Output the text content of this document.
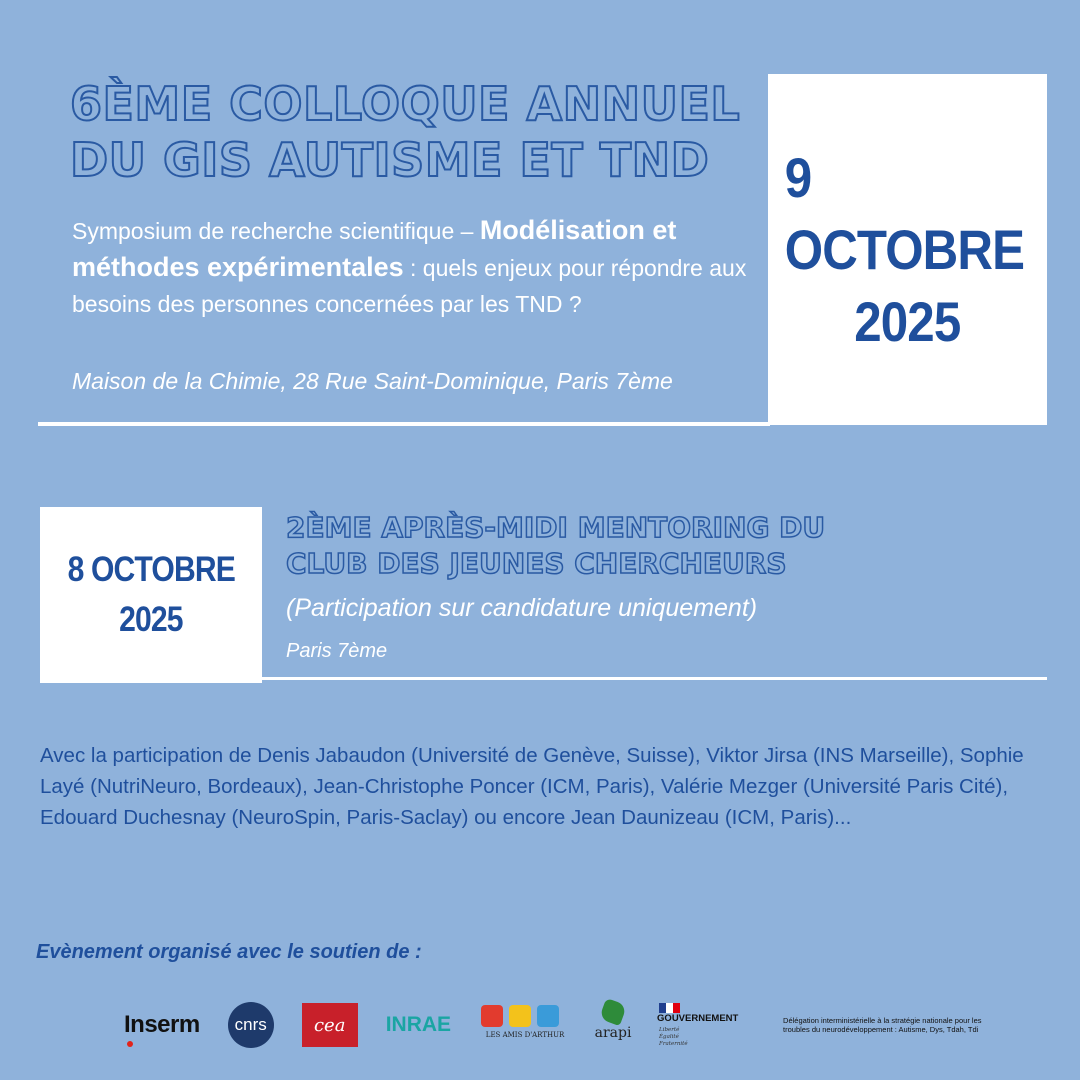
6ÈME COLLOQUE ANNUEL
DU GIS AUTISME ET TND
Symposium de recherche scientifique – Modélisation et méthodes expérimentales : quels enjeux pour répondre aux besoins des personnes concernées par les TND ?
Maison de la Chimie, 28 Rue Saint-Dominique, Paris 7ème
9 OCTOBRE
2025
8 OCTOBRE
2025
2ÈME APRÈS-MIDI MENTORING DU
CLUB DES JEUNES CHERCHEURS
(Participation sur candidature uniquement)
Paris 7ème
Avec la participation de Denis Jabaudon (Université de Genève, Suisse), Viktor Jirsa (INS Marseille), Sophie Layé (NutriNeuro, Bordeaux), Jean-Christophe Poncer (ICM, Paris), Valérie Mezger (Université Paris Cité), Edouard Duchesnay (NeuroSpin, Paris-Saclay) ou encore Jean Daunizeau (ICM, Paris)...
Evènement organisé avec le soutien de :
Inserm cnrs	cea INRAE	LES AMIS D'ARTHUR	arapi
GOUVERNEMENT
Liberté
Égalité
Fraternité
Délégation interministérielle à la stratégie nationale pour les troubles du neurodéveloppement : Autisme, Dys, Tdah, Tdi
